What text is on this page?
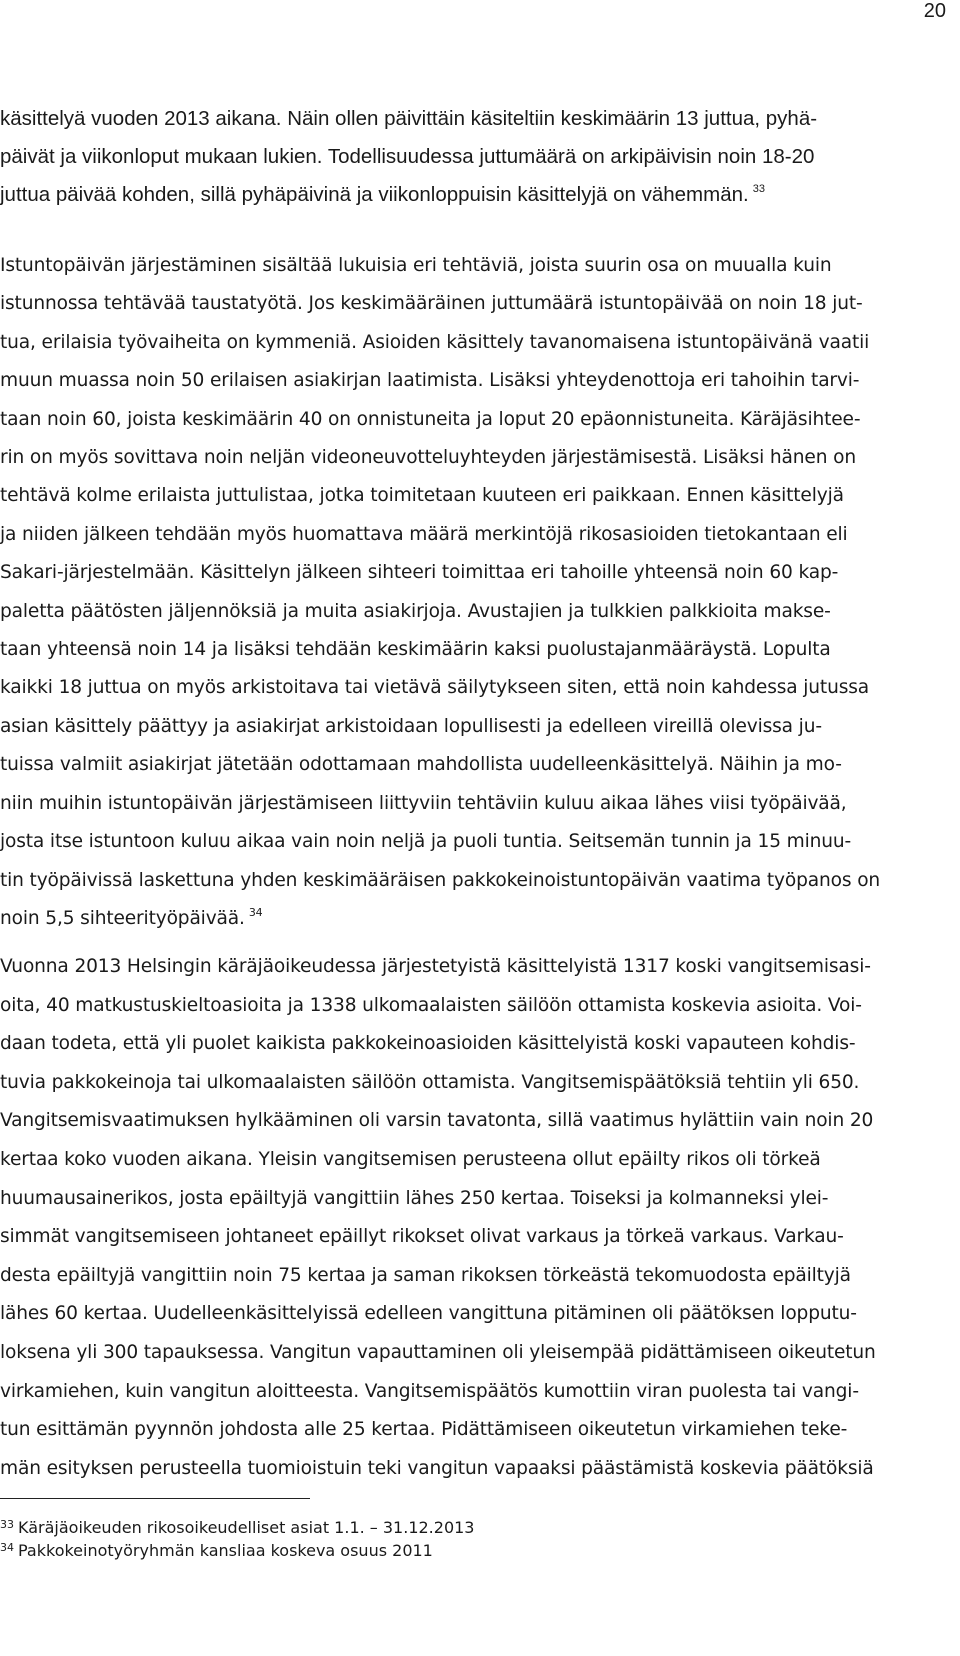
20
käsittelyä vuoden 2013 aikana. Näin ollen päivittäin käsiteltiin keskimäärin 13 juttua, pyhä-
päivät ja viikonloput mukaan lukien. Todellisuudessa juttumäärä on arkipäivisin noin 18-20
juttua päivää kohden, sillä pyhäpäivinä ja viikonloppuisin käsittelyjä on vähemmän. $^{33}$
Istuntopäivän järjestäminen sisältää lukuisia eri tehtäviä, joista suurin osa on muualla kuin
istunnossa tehtävää taustatyötä. Jos keskimääräinen juttumäärä istuntopäivää on noin 18 jut-
tua, erilaisia työvaiheita on kymmeniä. Asioiden käsittely tavanomaisena istuntopäivänä vaatii
muun muassa noin 50 erilaisen asiakirjan laatimista. Lisäksi yhteydenottoja eri tahoihin tarvi-
taan noin 60, joista keskimäärin 40 on onnistuneita ja loput 20 epäonnistuneita. Käräjäsihtee-
rin on myös sovittava noin neljän videoneuvotteluyhteyden järjestämisestä. Lisäksi hänen on
tehtävä kolme erilaista juttulistaa, jotka toimitetaan kuuteen eri paikkaan. Ennen käsittelyjä
ja niiden jälkeen tehdään myös huomattava määrä merkintöjä rikosasioiden tietokantaan eli
Sakari-järjestelmään. Käsittelyn jälkeen sihteeri toimittaa eri tahoille yhteensä noin 60 kap-
paletta päätösten jäljennöksiä ja muita asiakirjoja. Avustajien ja tulkkien palkkioita makse-
taan yhteensä noin 14 ja lisäksi tehdään keskimäärin kaksi puolustajanmääräystä. Lopulta
kaikki 18 juttua on myös arkistoitava tai vietävä säilytykseen siten, että noin kahdessa jutussa
asian käsittely päättyy ja asiakirjat arkistoidaan lopullisesti ja edelleen vireillä olevissa ju-
tuissa valmiit asiakirjat jätetään odottamaan mahdollista uudelleenkäsittelyä. Näihin ja mo-
niin muihin istuntopäivän järjestämiseen liittyviin tehtäviin kuluu aikaa lähes viisi työpäivää,
josta itse istuntoon kuluu aikaa vain noin neljä ja puoli tuntia. Seitsemän tunnin ja 15 minuu-
tin työpäivissä laskettuna yhden keskimääräisen pakkokeinoistuntopäivän vaatima työpanos on
noin 5,5 sihteerityöpäivää. $^{34}$
Vuonna 2013 Helsingin käräjäoikeudessa järjestetyistä käsittelyistä 1317 koski vangitsemisasi-
oita, 40 matkustuskieltoasioita ja 1338 ulkomaalaisten säilöön ottamista koskevia asioita. Voi-
daan todeta, että yli puolet kaikista pakkokeinoasioiden käsittelyistä koski vapauteen kohdis-
tuvia pakkokeinoja tai ulkomaalaisten säilöön ottamista. Vangitsemispäätöksiä tehtiin yli 650.
Vangitsemisvaatimuksen hylkääminen oli varsin tavatonta, sillä vaatimus hylättiin vain noin 20
kertaa koko vuoden aikana. Yleisin vangitsemisen perusteena ollut epäilty rikos oli törkeä
huumausainerikos, josta epäiltyjä vangittiin lähes 250 kertaa. Toiseksi ja kolmanneksi ylei-
simmät vangitsemiseen johtaneet epäillyt rikokset olivat varkaus ja törkeä varkaus. Varkau-
desta epäiltyjä vangittiin noin 75 kertaa ja saman rikoksen törkeästä tekomuodosta epäiltyjä
lähes 60 kertaa. Uudelleenkäsittelyissä edelleen vangittuna pitäminen oli päätöksen lopputu-
loksena yli 300 tapauksessa. Vangitun vapauttaminen oli yleisempää pidättämiseen oikeutetun
virkamiehen, kuin vangitun aloitteesta. Vangitsemispäätös kumottiin viran puolesta tai vangi-
tun esittämän pyynnön johdosta alle 25 kertaa. Pidättämiseen oikeutetun virkamiehen teke-
män esityksen perusteella tuomioistuin teki vangitun vapaaksi päästämistä koskevia päätöksiä
$^{33}$ Käräjäoikeuden rikosoikeudelliset asiat 1.1. – 31.12.2013
$^{34}$ Pakkokeinotyöryhmän kansliaa koskeva osuus 2011
